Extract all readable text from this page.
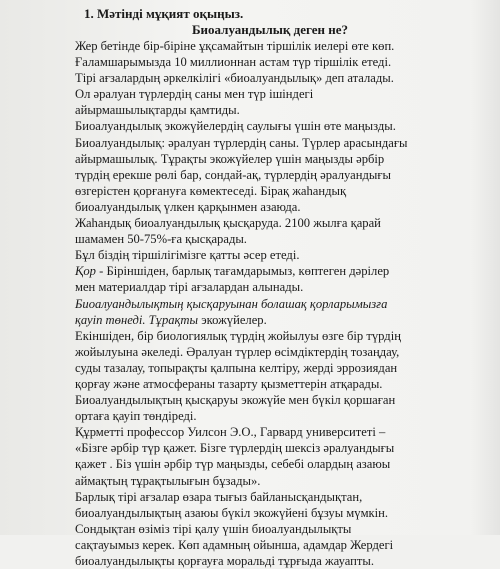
1. Мәтінді мұқият оқыңыз.
Биоалуандылық деген не?
Жер бетінде бір-біріне ұқсамайтын тіршілік иелері өте көп.
Ғаламшарымызда 10 миллионнан астам түр тіршілік етеді.
Тірі ағзалардың әркелкілігі «биоалуандылық» деп аталады.
Ол әралуан түрлердің саны мен түр ішіндегі
айырмашылықтарды қамтиды.
Биоалуандылық экожүйелердің саулығы үшін өте маңызды.
Биоалуандылық: әралуан түрлердің саны. Түрлер арасындағы
айырмашылық. Тұрақты экожүйелер үшін маңызды әрбір
түрдің ерекше рөлі бар, сондай-ақ, түрлердің әралуандығы
өзгерістен қорғануға көмектеседі. Бірақ жаһандық
биоалуандылық үлкен қарқынмен азаюда.
Жаһандық биоалуандылық қысқаруда. 2100 жылға қарай
шамамен 50-75%-ға қысқарады.
Бұл біздің тіршілігімізге қатты әсер етеді.
Қор - Біріншіден, барлық тағамдарымыз, көптеген дәрілер
мен материалдар тірі ағзалардан алынады.
Биоалуандылықтың қысқаруынан болашақ қорларымызға
қауіп төнеді. Тұрақты экожүйелер.
Екіншіден, бір биологиялық түрдің жойылуы өзге бір түрдің
жойылуына әкеледі. Әралуан түрлер өсімдіктердің тозаңдау,
суды тазалау, топырақты қалпына келтіру, жерді эррозиядан
қорғау және атмосфераны тазарту қызметтерін атқарады.
Биоалуандылықтың қысқаруы экожүйе мен бүкіл қоршаған
ортаға қауіп төндіреді.
Құрметті профессор Уилсон Э.О., Гарвард университеті –
«Бізге әрбір түр қажет. Бізге түрлердің шексіз әралуандығы
қажет . Біз үшін әрбір түр маңызды, себебі олардың азаюы
аймақтың тұрақтылығын бұзады».
Барлық тірі ағзалар өзара тығыз байланысқандықтан,
биоалуандылықтың азаюы бүкіл экожүйені бұзуы мүмкін.
Сондықтан өзіміз тірі қалу үшін биоалуандылықты
сақтауымыз керек. Көп адамның ойынша, адамдар Жердегі
биоалуандылықты қорғауға моральді тұрғыда жауапты.
